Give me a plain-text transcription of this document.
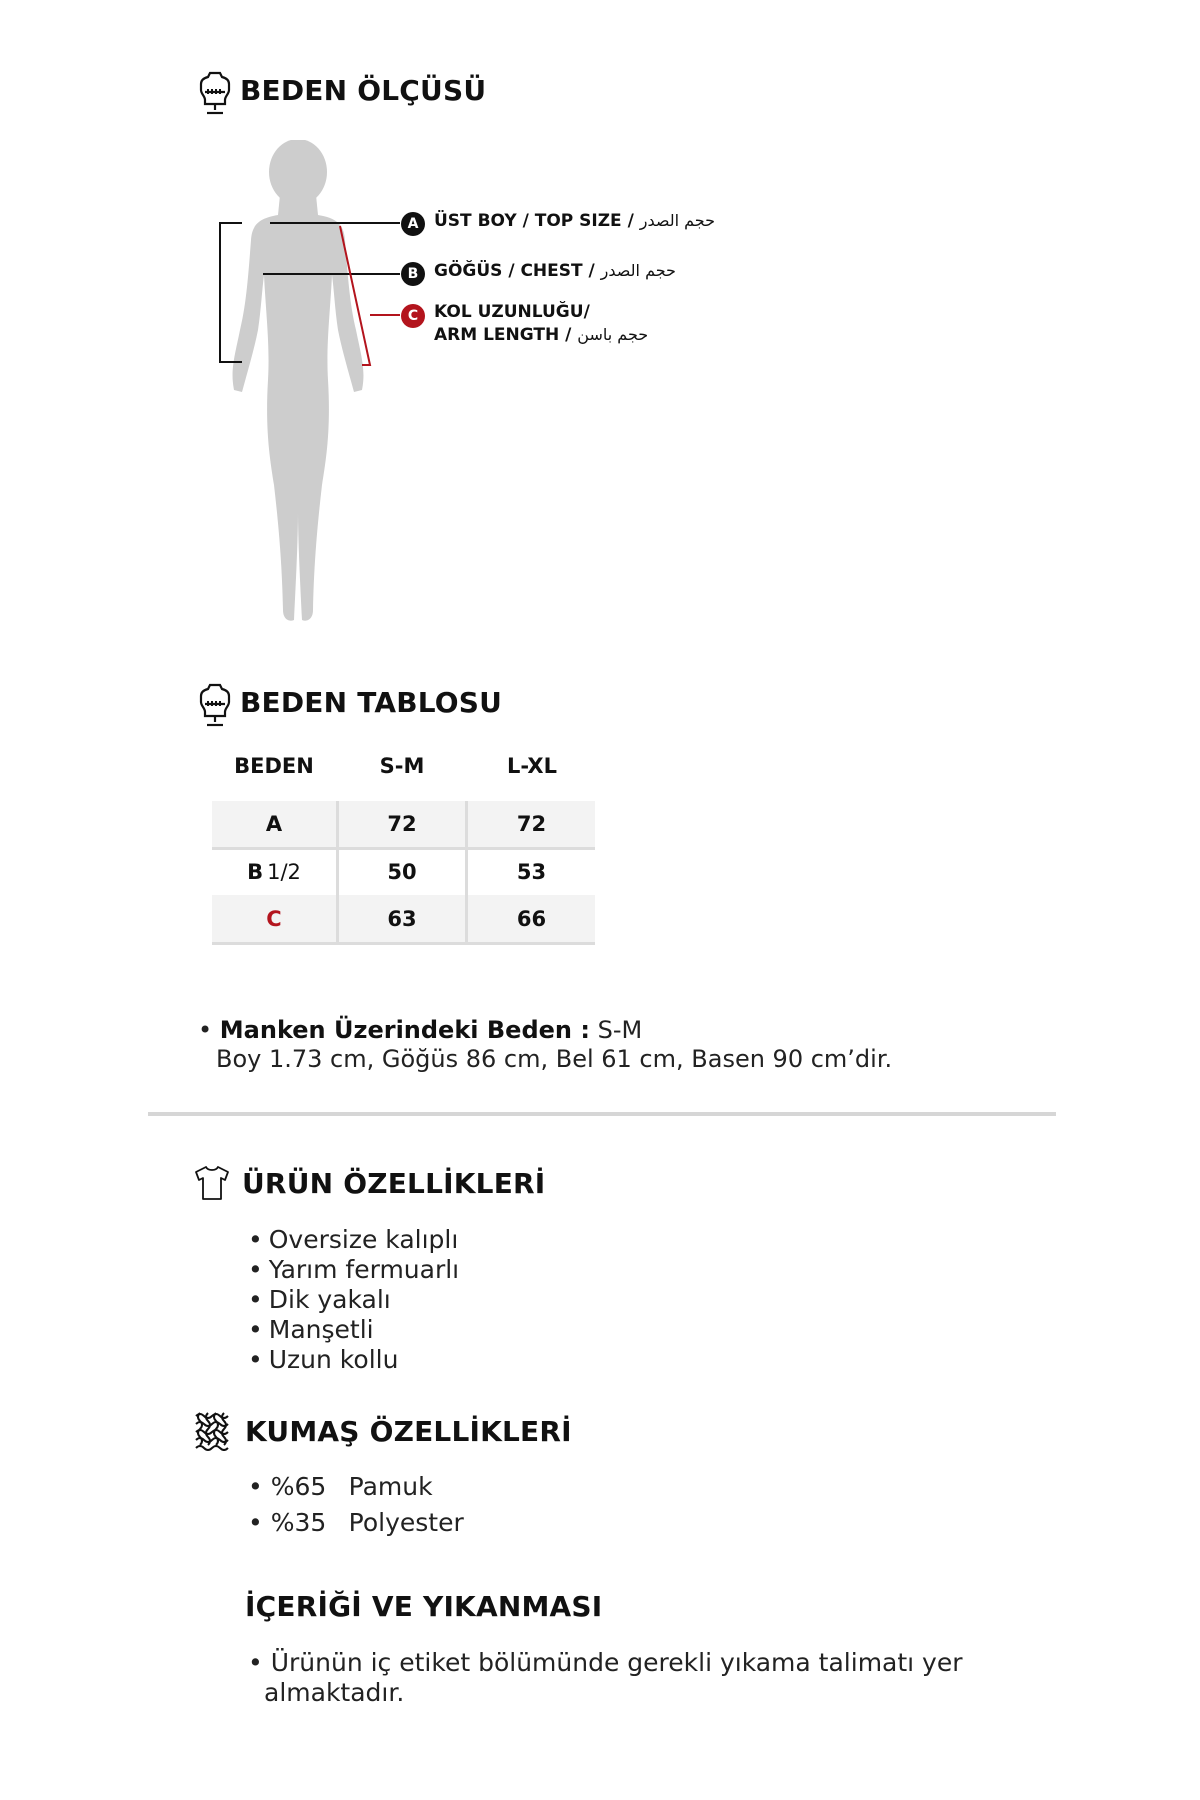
BEDEN ÖLÇÜSÜ
A ÜST BOY / TOP SIZE / حجم الصدر
B GÖĞÜS / CHEST / حجم الصدر
C KOL UZUNLUĞU/
ARM LENGTH / حجم باسن
BEDEN TABLOSU
BEDEN	S-M	L-XL
A	72	72
B 1/2	50	53
C	63	66
• Manken Üzerindeki Beden : S-M
Boy 1.73 cm, Göğüs 86 cm, Bel 61 cm, Basen 90 cm’dir.
ÜRÜN ÖZELLİKLERİ
• Oversize kalıplı
• Yarım fermuarlı
• Dik yakalı
• Manşetli
• Uzun kollu
KUMAŞ ÖZELLİKLERİ
• %65 Pamuk
• %35 Polyester
İÇERİĞİ VE YIKANMASI
• Ürünün iç etiket bölümünde gerekli yıkama talimatı yer
almaktadır.
